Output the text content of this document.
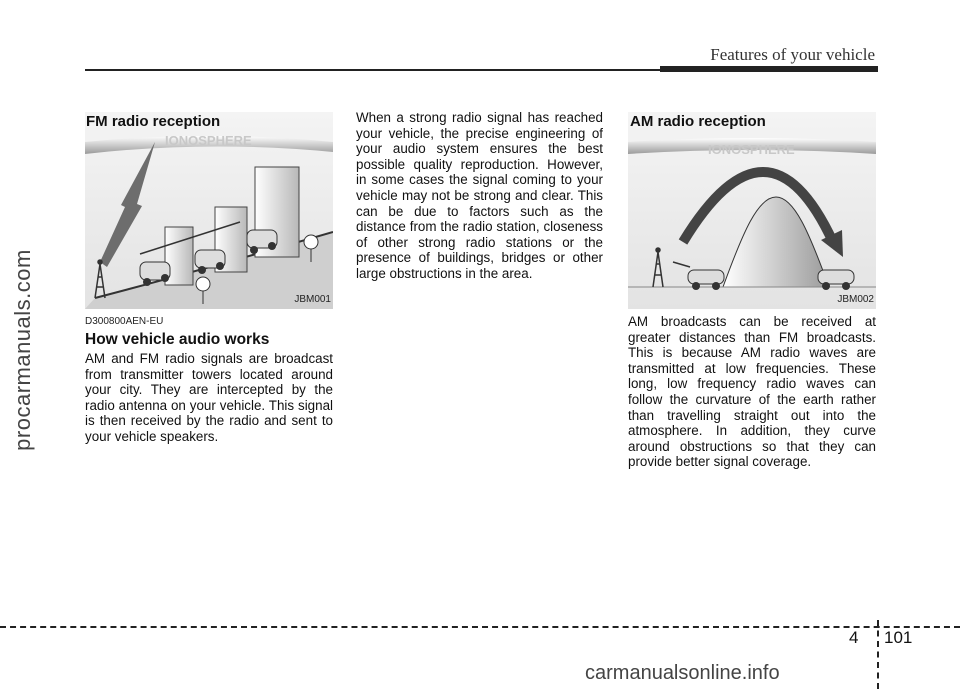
Features of your vehicle
procarmanuals.com
IONOSPHERE
FM radio reception
JBM001
IONOSPHERE
AM radio reception
JBM002
D300800AEN-EU
How vehicle audio works

AM and FM radio signals are broadcast from transmitter towers located around your city. They are intercepted by the radio antenna on your vehicle. This signal is then received by the radio and sent to your vehicle speakers.

When a strong radio signal has reached your vehicle, the precise engineering of your audio system ensures the best possible quality reproduction. However, in some cases the signal coming to your vehicle may not be strong and clear. This can be due to factors such as the distance from the radio station, closeness of other strong radio stations or the presence of buildings, bridges or other large obstructions in the area.

AM broadcasts can be received at greater distances than FM broadcasts. This is because AM radio waves are transmitted at low frequencies. These long, low frequency radio waves can follow the curvature of the earth rather than travelling straight out into the atmosphere. In addition, they curve around obstructions so that they can provide better signal coverage.

4 101
carmanualsonline.info
